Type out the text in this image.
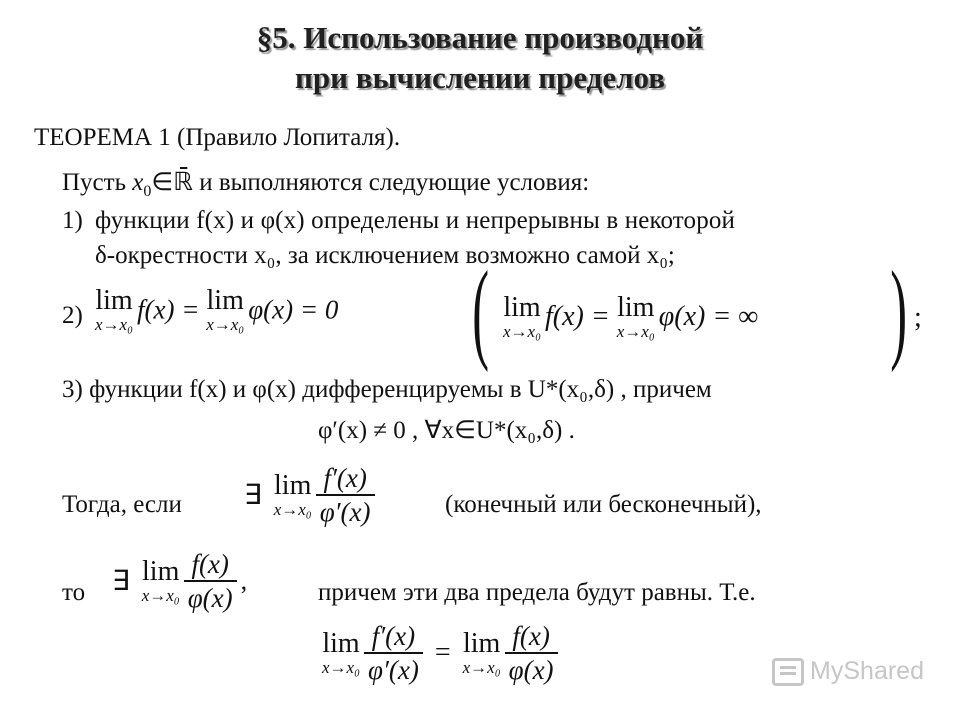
§5. Использование производной
при вычислении пределов
ТЕОРЕМА 1 (Правило Лопиталя).
Пусть $x_0\in ℝ̄$ и выполняются следующие условия:
1) функции f(x) и φ(x) определены и непрерывны в некоторой
δ-окрестности x₀, за исключением возможно самой x₀;
2) lim
x→x₀ f(x) = lim
x→x₀ φ(x) = 0 ( lim
x→x₀ f(x) = lim
x→x₀ φ(x) = ∞ ) ;
3) функции f(x) и φ(x) дифференцируемы в U*(x₀,δ) , причем
φ′(x) ≠ 0 , ∀x∈U*(x₀,δ) .
Тогда, если ∃ lim
x→x₀
$\frac{f'(x)}{\varphi'(x)}$	(конечный или бесконечный),
то ∃ lim
x→x₀
$\frac{f(x)}{\varphi(x)}$ ,	причем эти два предела будут равны. Т.е.
lim
x→x₀
$\frac{f'(x)}{\varphi'(x)} = \lim$
x→x₀
$\frac{f(x)}{\varphi(x)}$	MyShared
